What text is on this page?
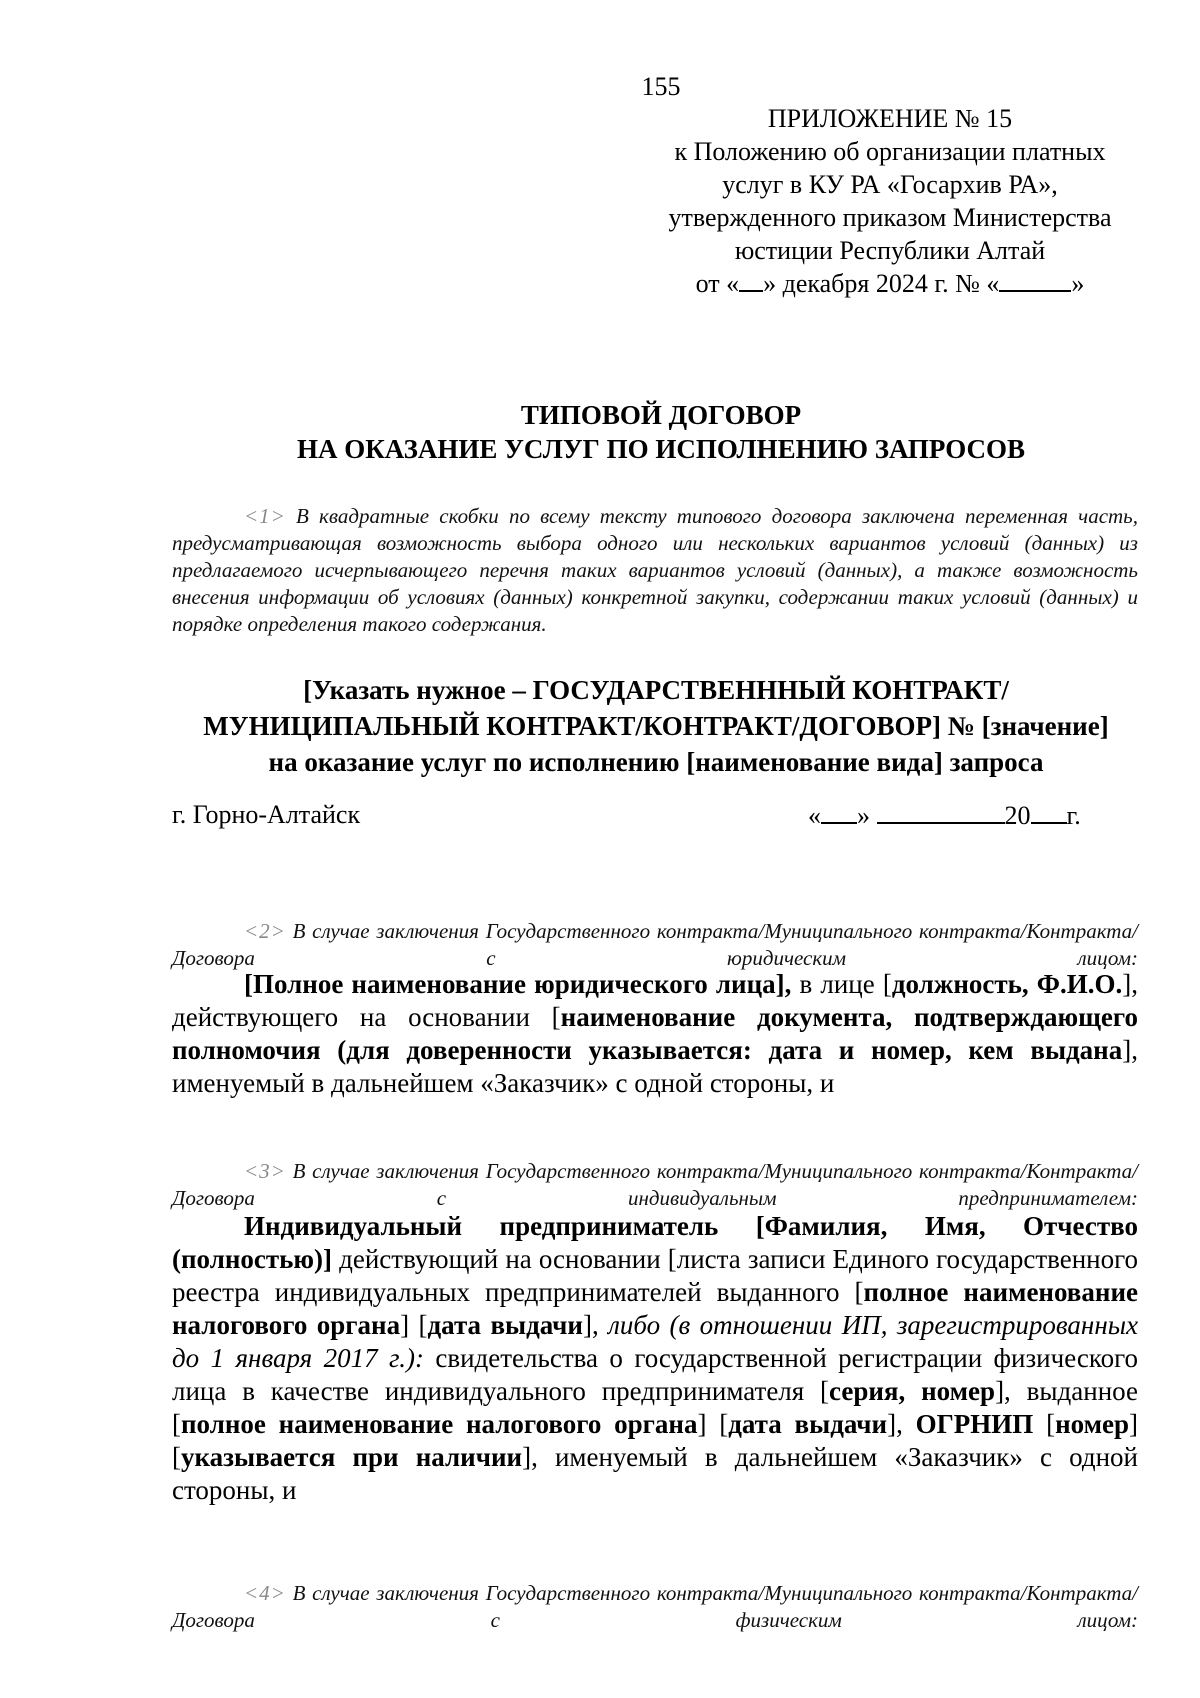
155
ПРИЛОЖЕНИЕ № 15
к Положению об организации платных
услуг в КУ РА «Госархив РА»,
утвержденного приказом Министерства
юстиции Республики Алтай
от « » декабря 2024 г. № «	»
ТИПОВОЙ ДОГОВОР
НА ОКАЗАНИЕ УСЛУГ ПО ИСПОЛНЕНИЮ ЗАПРОСОВ
<1> В квадратные скобки по всему тексту типового договора заключена переменная часть, предусматривающая возможность выбора одного или нескольких вариантов условий (данных) из предлагаемого исчерпывающего перечня таких вариантов условий (данных), а также возможность внесения информации об условиях (данных) конкретной закупки, содержании таких условий (данных) и порядке определения такого содержания.
[Указать нужное – ГОСУДАРСТВЕНННЫЙ КОНТРАКТ/
МУНИЦИПАЛЬНЫЙ КОНТРАКТ/КОНТРАКТ/ДОГОВОР] № [значение]
на оказание услуг по исполнению [наименование вида] запроса
г. Горно-Алтайск	« »	20 г.
<2> В случае заключения Государственного контракта/Муниципального контракта/Контракта/Договора с юридическим лицом:
[Полное наименование юридического лица], в лице [должность, Ф.И.О.], действующего на основании [наименование документа, подтверждающего полномочия (для доверенности указывается: дата и номер, кем выдана], именуемый в дальнейшем «Заказчик» с одной стороны, и
<3> В случае заключения Государственного контракта/Муниципального контракта/Контракта/Договора с индивидуальным предпринимателем:
Индивидуальный предприниматель [Фамилия, Имя, Отчество (полностью)] действующий на основании [листа записи Единого государственного реестра индивидуальных предпринимателей выданного [полное наименование налогового органа] [дата выдачи], либо (в отношении ИП, зарегистрированных до 1 января 2017 г.): свидетельства о государственной регистрации физического лица в качестве индивидуального предпринимателя [серия, номер], выданное [полное наименование налогового органа] [дата выдачи], ОГРНИП [номер] [указывается при наличии], именуемый в дальнейшем «Заказчик» с одной стороны, и
<4> В случае заключения Государственного контракта/Муниципального контракта/Контракта/Договора с физическим лицом:
